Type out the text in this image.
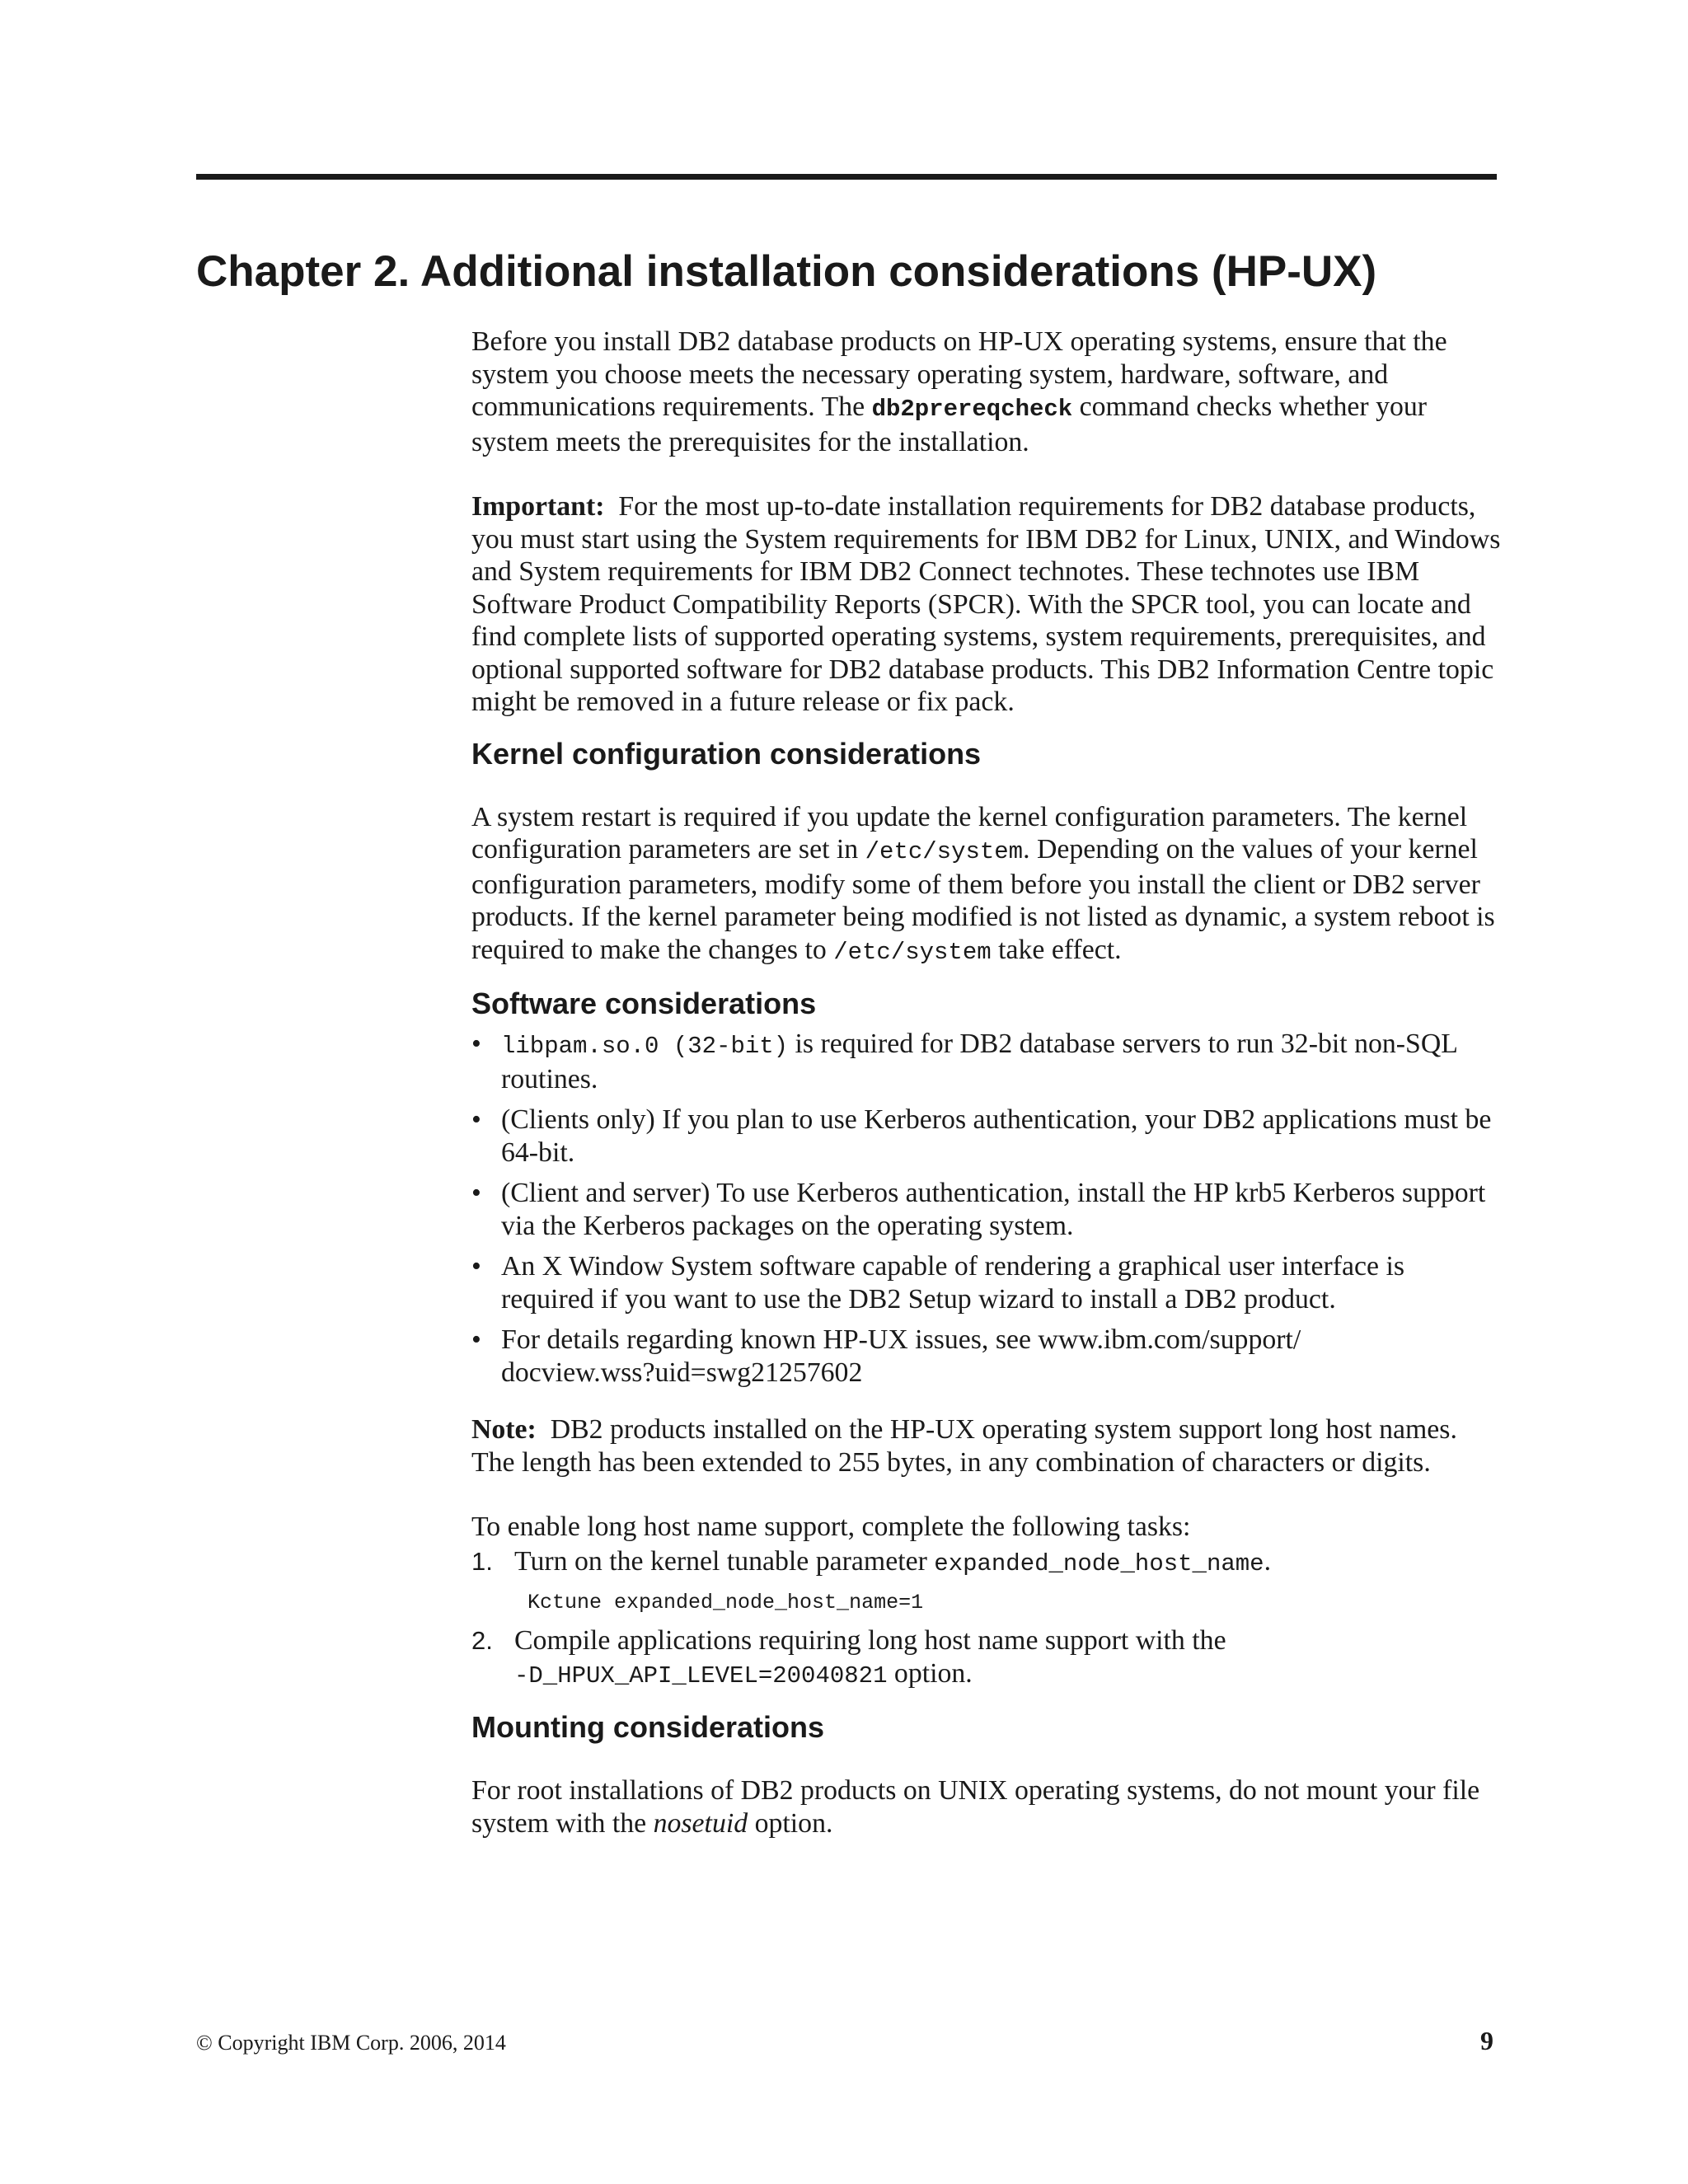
Chapter 2. Additional installation considerations (HP-UX)

Before you install DB2 database products on HP-UX operating systems, ensure that the system you choose meets the necessary operating system, hardware, software, and communications requirements. The db2prereqcheck command checks whether your system meets the prerequisites for the installation.

Important: For the most up-to-date installation requirements for DB2 database products, you must start using the System requirements for IBM DB2 for Linux, UNIX, and Windows and System requirements for IBM DB2 Connect technotes. These technotes use IBM Software Product Compatibility Reports (SPCR). With the SPCR tool, you can locate and find complete lists of supported operating systems, system requirements, prerequisites, and optional supported software for DB2 database products. This DB2 Information Centre topic might be removed in a future release or fix pack.

Kernel configuration considerations

A system restart is required if you update the kernel configuration parameters. The kernel configuration parameters are set in /etc/system. Depending on the values of your kernel configuration parameters, modify some of them before you install the client or DB2 server products. If the kernel parameter being modified is not listed as dynamic, a system reboot is required to make the changes to /etc/system take effect.

Software considerations
• libpam.so.0 (32-bit) is required for DB2 database servers to run 32-bit non-SQL routines.
• (Clients only) If you plan to use Kerberos authentication, your DB2 applications must be 64-bit.
• (Client and server) To use Kerberos authentication, install the HP krb5 Kerberos support via the Kerberos packages on the operating system.
• An X Window System software capable of rendering a graphical user interface is required if you want to use the DB2 Setup wizard to install a DB2 product.
• For details regarding known HP-UX issues, see www.ibm.com/support/
docview.wss?uid=swg21257602

Note: DB2 products installed on the HP-UX operating system support long host names. The length has been extended to 255 bytes, in any combination of characters or digits.

To enable long host name support, complete the following tasks:

1. Turn on the kernel tunable parameter expanded_node_host_name.
Kctune expanded_node_host_name=1
2. Compile applications requiring long host name support with the
-D_HPUX_API_LEVEL=20040821 option.
Mounting considerations

For root installations of DB2 products on UNIX operating systems, do not mount your file system with the nosetuid option.

© Copyright IBM Corp. 2006, 2014	9
